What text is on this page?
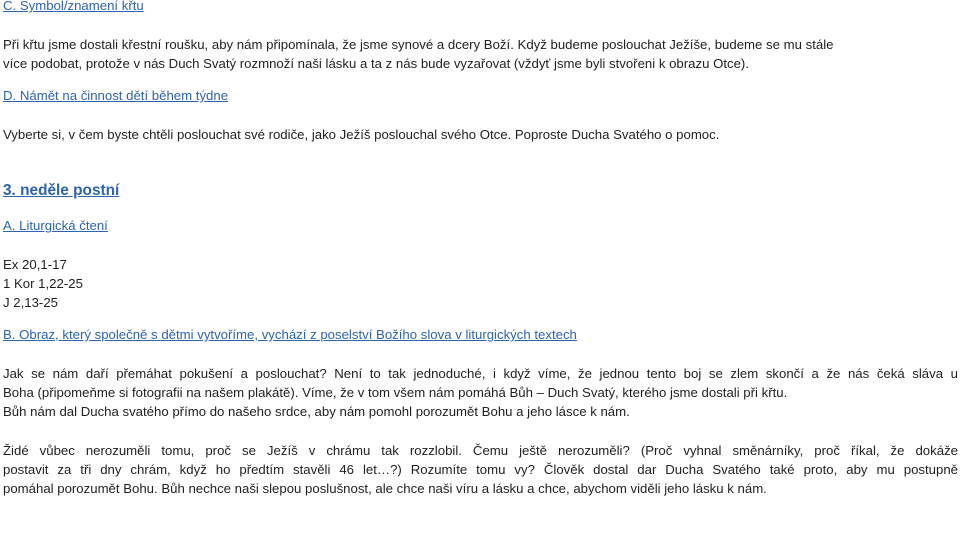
C. Symbol/znamení křtu
Při křtu jsme dostali křestní roušku, aby nám připomínala, že jsme synové a dcery Boží. Když budeme poslouchat Ježíše, budeme se mu stále
více podobat, protože v nás Duch Svatý rozmnoží naši lásku a ta z nás bude vyzařovat (vždyť jsme byli stvořeni k obrazu Otce).
D. Námět na činnost dětí během týdne
Vyberte si, v čem byste chtěli poslouchat své rodiče, jako Ježíš poslouchal svého Otce. Poproste Ducha Svatého o pomoc.
3. neděle postní
A. Liturgická čtení
Ex 20,1-17
1 Kor 1,22-25
J 2,13-25
B. Obraz, který společně s dětmi vytvoříme, vychází z poselství Božího slova v liturgických textech
Jak se nám daří přemáhat pokušení a poslouchat? Není to tak jednoduché, i když víme, že jednou tento boj se zlem skončí a že nás čeká sláva u
Boha (připomeňme si fotografii na našem plakátě). Víme, že v tom všem nám pomáhá Bůh – Duch Svatý, kterého jsme dostali při křtu.
Bůh nám dal Ducha svatého přímo do našeho srdce, aby nám pomohl porozumět Bohu a jeho lásce k nám.
Židé vůbec nerozuměli tomu, proč se Ježíš v chrámu tak rozzlobil. Čemu ještě nerozuměli? (Proč vyhnal směnárníky, proč říkal, že dokáže
postavit za tři dny chrám, když ho předtím stavěli 46 let…?) Rozumíte tomu vy? Člověk dostal dar Ducha Svatého také proto, aby mu postupně
pomáhal porozumět Bohu. Bůh nechce naši slepou poslušnost, ale chce naši víru a lásku a chce, abychom viděli jeho lásku k nám.
